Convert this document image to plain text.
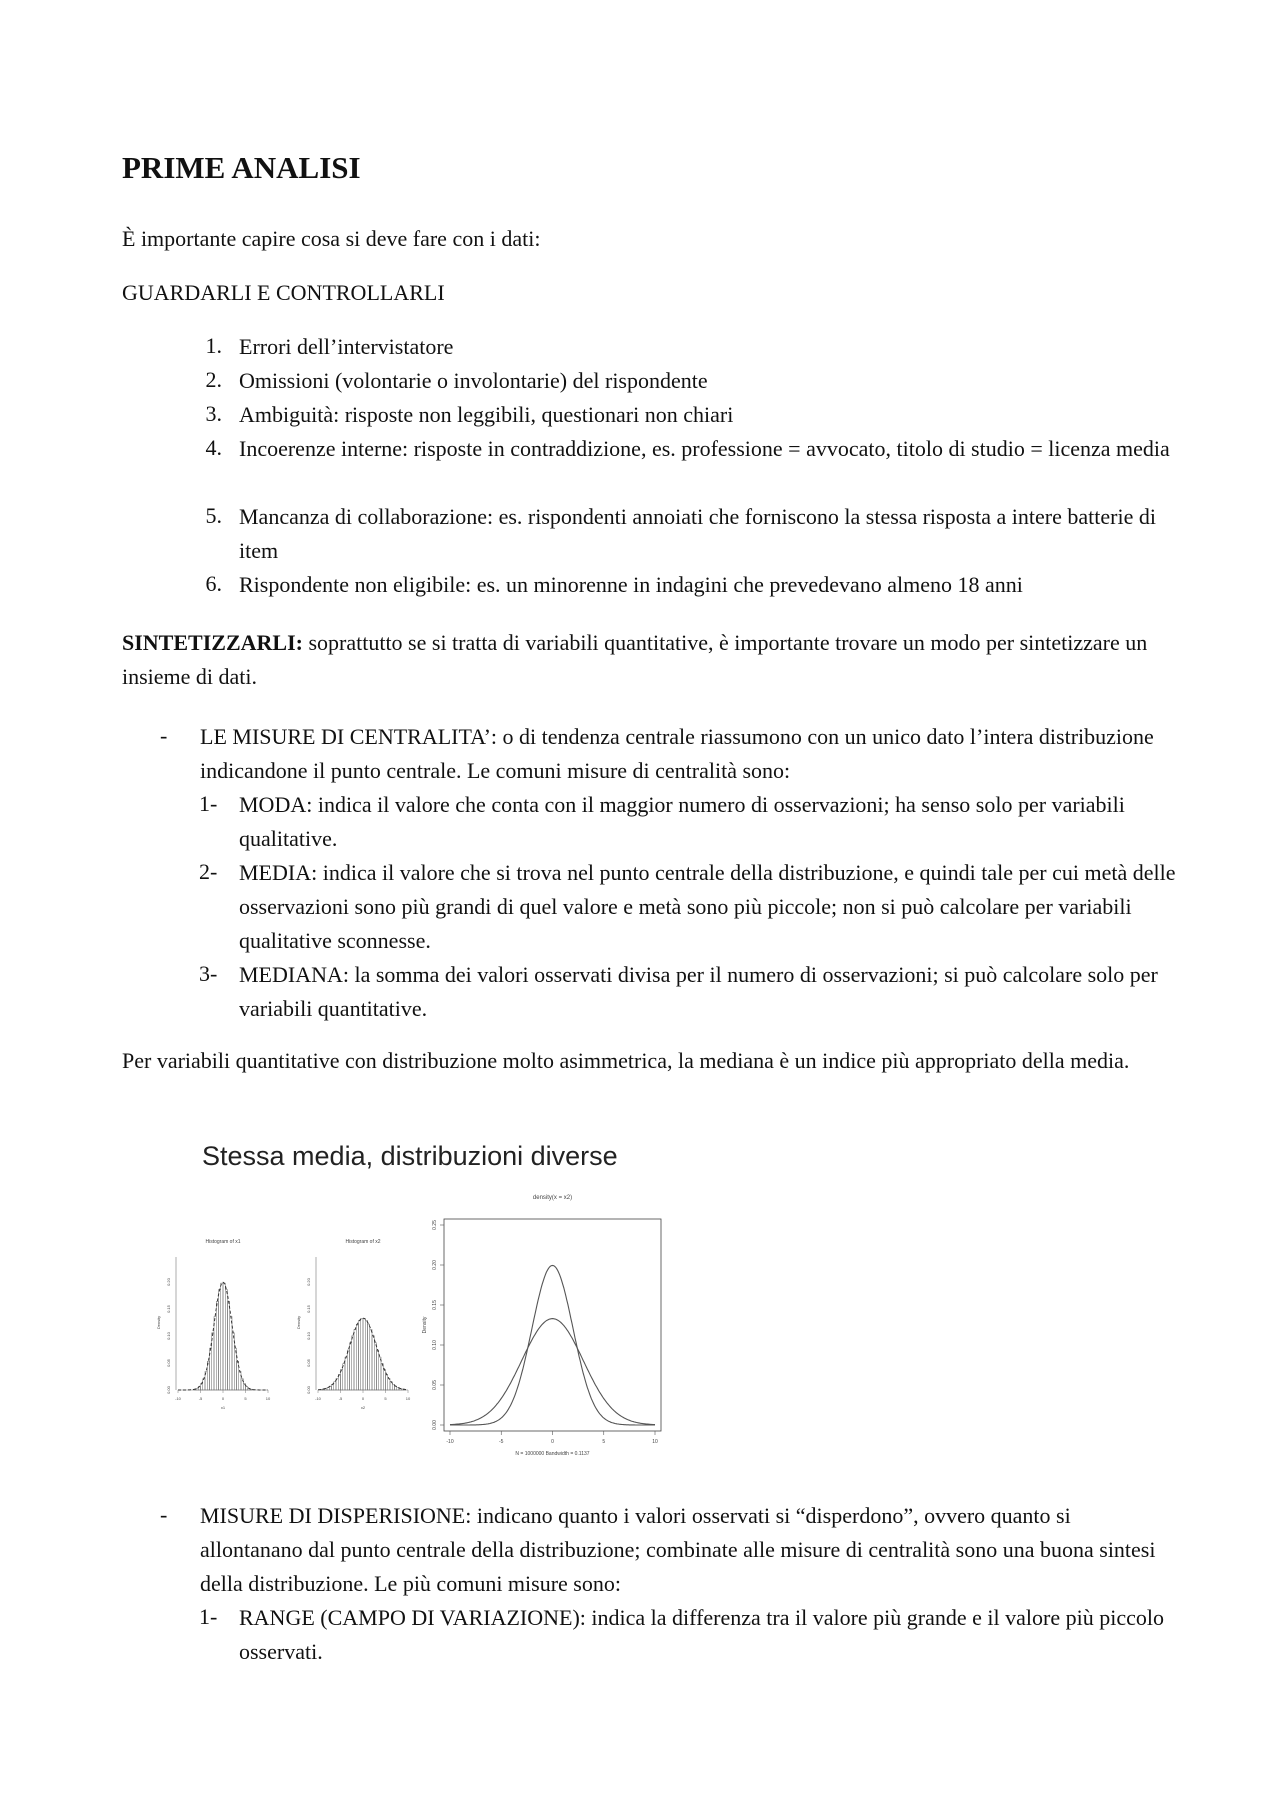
PRIME ANALISI

È importante capire cosa si deve fare con i dati:

GUARDARLI E CONTROLLARLI

1. Errori dell’intervistatore
2. Omissioni (volontarie o involontarie) del rispondente
3. Ambiguità: risposte non leggibili, questionari non chiari
4. Incoerenze interne: risposte in contraddizione, es. professione = avvocato, titolo di studio = licenza media
5. Mancanza di collaborazione: es. rispondenti annoiati che forniscono la stessa risposta a intere batterie di item
6. Rispondente non eligibile: es. un minorenne in indagini che prevedevano almeno 18 anni

SINTETIZZARLI: soprattutto se si tratta di variabili quantitative, è importante trovare un modo per sintetizzare un insieme di dati.

- LE MISURE DI CENTRALITA’: o di tendenza centrale riassumono con un unico dato l’intera distribuzione indicandone il punto centrale. Le comuni misure di centralità sono:
1- MODA: indica il valore che conta con il maggior numero di osservazioni; ha senso solo per variabili qualitative.
2- MEDIA: indica il valore che si trova nel punto centrale della distribuzione, e quindi tale per cui metà delle osservazioni sono più grandi di quel valore e metà sono più piccole; non si può calcolare per variabili qualitative sconnesse.
3- MEDIANA: la somma dei valori osservati divisa per il numero di osservazioni; si può calcolare solo per variabili quantitative.

Per variabili quantitative con distribuzione molto asimmetrica, la mediana è un indice più appropriato della media.

Stessa media, distribuzioni diverse
Histogram of x1
-10	-5	0	5	10
0.00
0.05
0.10
0.15
0.20
x1
Density
Histogram of x2
-10	-5	0	5	10
0.00
0.05
0.10
0.15
0.20
x2
Density
density(x = x2)
-10	-5	0	5	10
0.00
0.05
0.10
0.15
0.20
0.25
N = 1000000 Bandwidth = 0.1137
Density
- MISURE DI DISPERISIONE: indicano quanto i valori osservati si “disperdono”, ovvero quanto si allontanano dal punto centrale della distribuzione; combinate alle misure di centralità sono una buona sintesi della distribuzione. Le più comuni misure sono:
1- RANGE (CAMPO DI VARIAZIONE): indica la differenza tra il valore più grande e il valore più piccolo osservati.
